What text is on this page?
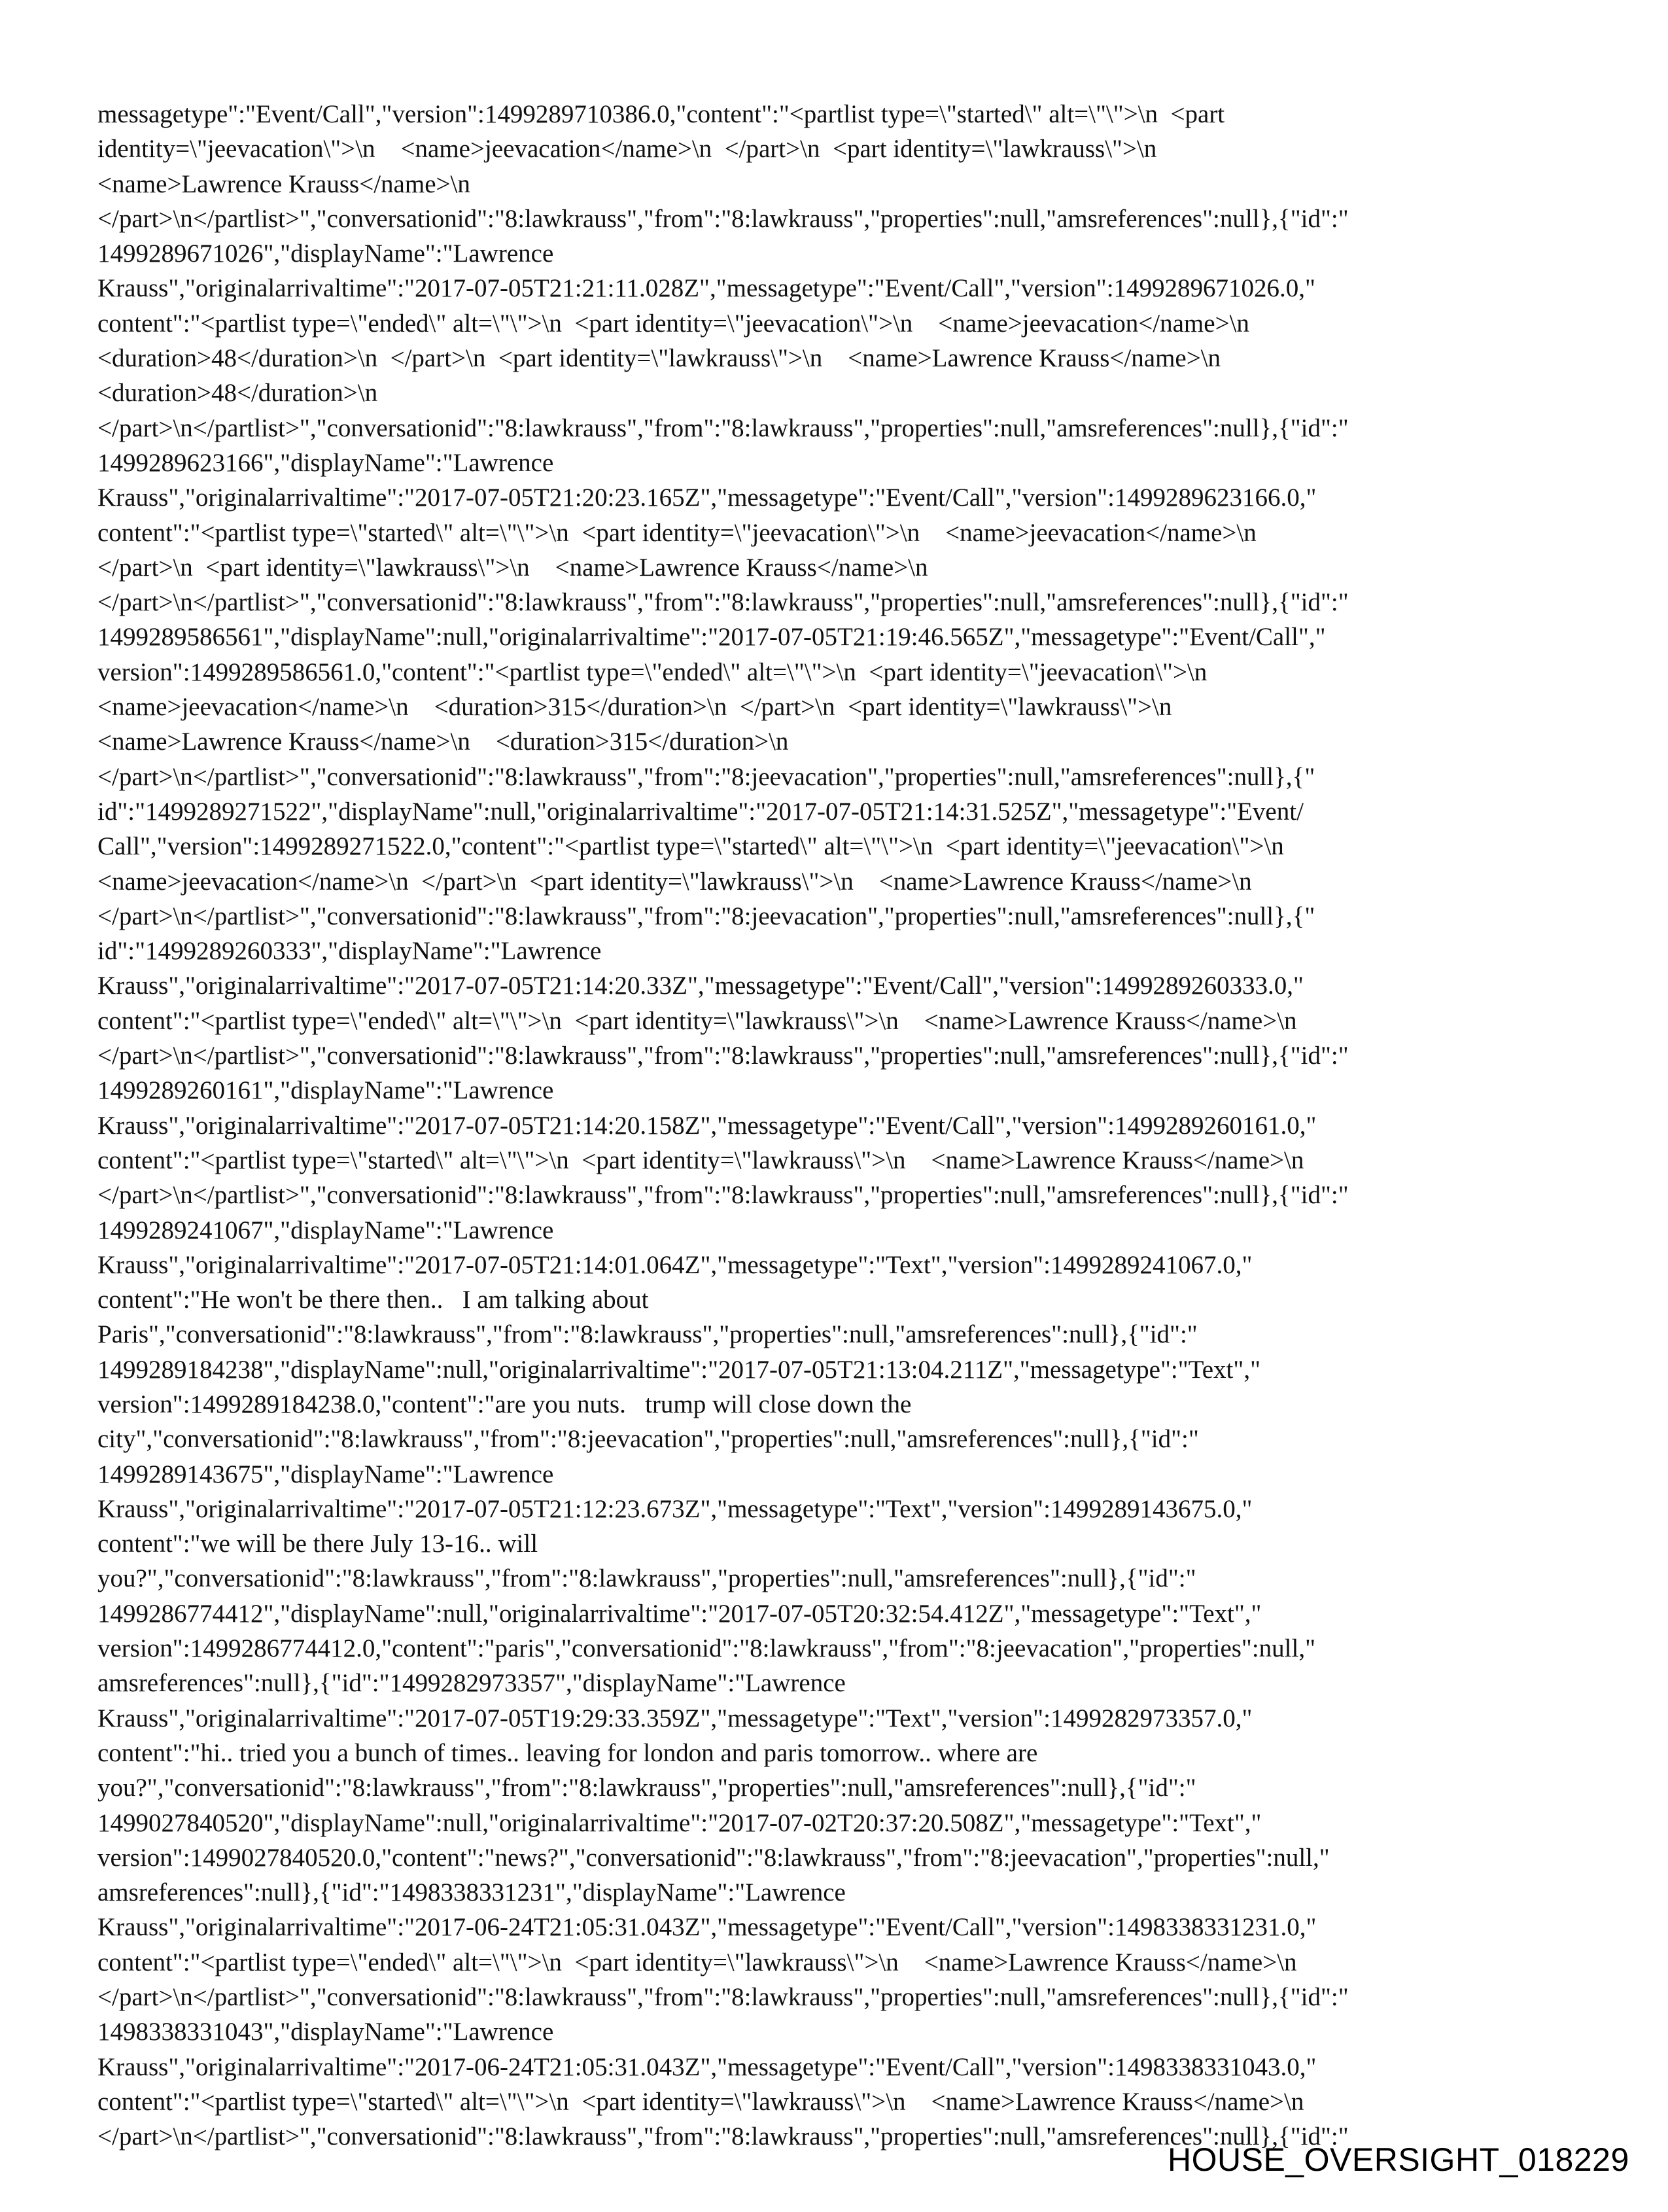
messagetype":"Event/Call","version":1499289710386.0,"content":"<partlist type=\"started\" alt=\"\">\n  <part
identity=\"jeevacation\">\n    <name>jeevacation</name>\n  </part>\n  <part identity=\"lawkrauss\">\n
<name>Lawrence Krauss</name>\n
</part>\n</partlist>","conversationid":"8:lawkrauss","from":"8:lawkrauss","properties":null,"amsreferences":null},{"id":"
1499289671026","displayName":"Lawrence
Krauss","originalarrivaltime":"2017-07-05T21:21:11.028Z","messagetype":"Event/Call","version":1499289671026.0,"
content":"<partlist type=\"ended\" alt=\"\">\n  <part identity=\"jeevacation\">\n    <name>jeevacation</name>\n
<duration>48</duration>\n  </part>\n  <part identity=\"lawkrauss\">\n    <name>Lawrence Krauss</name>\n
<duration>48</duration>\n
</part>\n</partlist>","conversationid":"8:lawkrauss","from":"8:lawkrauss","properties":null,"amsreferences":null},{"id":"
1499289623166","displayName":"Lawrence
Krauss","originalarrivaltime":"2017-07-05T21:20:23.165Z","messagetype":"Event/Call","version":1499289623166.0,"
content":"<partlist type=\"started\" alt=\"\">\n  <part identity=\"jeevacation\">\n    <name>jeevacation</name>\n
</part>\n  <part identity=\"lawkrauss\">\n    <name>Lawrence Krauss</name>\n
</part>\n</partlist>","conversationid":"8:lawkrauss","from":"8:lawkrauss","properties":null,"amsreferences":null},{"id":"
1499289586561","displayName":null,"originalarrivaltime":"2017-07-05T21:19:46.565Z","messagetype":"Event/Call","
version":1499289586561.0,"content":"<partlist type=\"ended\" alt=\"\">\n  <part identity=\"jeevacation\">\n
<name>jeevacation</name>\n    <duration>315</duration>\n  </part>\n  <part identity=\"lawkrauss\">\n
<name>Lawrence Krauss</name>\n    <duration>315</duration>\n
</part>\n</partlist>","conversationid":"8:lawkrauss","from":"8:jeevacation","properties":null,"amsreferences":null},{"
id":"1499289271522","displayName":null,"originalarrivaltime":"2017-07-05T21:14:31.525Z","messagetype":"Event/
Call","version":1499289271522.0,"content":"<partlist type=\"started\" alt=\"\">\n  <part identity=\"jeevacation\">\n
<name>jeevacation</name>\n  </part>\n  <part identity=\"lawkrauss\">\n    <name>Lawrence Krauss</name>\n
</part>\n</partlist>","conversationid":"8:lawkrauss","from":"8:jeevacation","properties":null,"amsreferences":null},{"
id":"1499289260333","displayName":"Lawrence
Krauss","originalarrivaltime":"2017-07-05T21:14:20.33Z","messagetype":"Event/Call","version":1499289260333.0,"
content":"<partlist type=\"ended\" alt=\"\">\n  <part identity=\"lawkrauss\">\n    <name>Lawrence Krauss</name>\n
</part>\n</partlist>","conversationid":"8:lawkrauss","from":"8:lawkrauss","properties":null,"amsreferences":null},{"id":"
1499289260161","displayName":"Lawrence
Krauss","originalarrivaltime":"2017-07-05T21:14:20.158Z","messagetype":"Event/Call","version":1499289260161.0,"
content":"<partlist type=\"started\" alt=\"\">\n  <part identity=\"lawkrauss\">\n    <name>Lawrence Krauss</name>\n
</part>\n</partlist>","conversationid":"8:lawkrauss","from":"8:lawkrauss","properties":null,"amsreferences":null},{"id":"
1499289241067","displayName":"Lawrence
Krauss","originalarrivaltime":"2017-07-05T21:14:01.064Z","messagetype":"Text","version":1499289241067.0,"
content":"He won't be there then..   I am talking about
Paris","conversationid":"8:lawkrauss","from":"8:lawkrauss","properties":null,"amsreferences":null},{"id":"
1499289184238","displayName":null,"originalarrivaltime":"2017-07-05T21:13:04.211Z","messagetype":"Text","
version":1499289184238.0,"content":"are you nuts.   trump will close down the
city","conversationid":"8:lawkrauss","from":"8:jeevacation","properties":null,"amsreferences":null},{"id":"
1499289143675","displayName":"Lawrence
Krauss","originalarrivaltime":"2017-07-05T21:12:23.673Z","messagetype":"Text","version":1499289143675.0,"
content":"we will be there July 13-16.. will
you?","conversationid":"8:lawkrauss","from":"8:lawkrauss","properties":null,"amsreferences":null},{"id":"
1499286774412","displayName":null,"originalarrivaltime":"2017-07-05T20:32:54.412Z","messagetype":"Text","
version":1499286774412.0,"content":"paris","conversationid":"8:lawkrauss","from":"8:jeevacation","properties":null,"
amsreferences":null},{"id":"1499282973357","displayName":"Lawrence
Krauss","originalarrivaltime":"2017-07-05T19:29:33.359Z","messagetype":"Text","version":1499282973357.0,"
content":"hi.. tried you a bunch of times.. leaving for london and paris tomorrow.. where are
you?","conversationid":"8:lawkrauss","from":"8:lawkrauss","properties":null,"amsreferences":null},{"id":"
1499027840520","displayName":null,"originalarrivaltime":"2017-07-02T20:37:20.508Z","messagetype":"Text","
version":1499027840520.0,"content":"news?","conversationid":"8:lawkrauss","from":"8:jeevacation","properties":null,"
amsreferences":null},{"id":"1498338331231","displayName":"Lawrence
Krauss","originalarrivaltime":"2017-06-24T21:05:31.043Z","messagetype":"Event/Call","version":1498338331231.0,"
content":"<partlist type=\"ended\" alt=\"\">\n  <part identity=\"lawkrauss\">\n    <name>Lawrence Krauss</name>\n
</part>\n</partlist>","conversationid":"8:lawkrauss","from":"8:lawkrauss","properties":null,"amsreferences":null},{"id":"
1498338331043","displayName":"Lawrence
Krauss","originalarrivaltime":"2017-06-24T21:05:31.043Z","messagetype":"Event/Call","version":1498338331043.0,"
content":"<partlist type=\"started\" alt=\"\">\n  <part identity=\"lawkrauss\">\n    <name>Lawrence Krauss</name>\n
</part>\n</partlist>","conversationid":"8:lawkrauss","from":"8:lawkrauss","properties":null,"amsreferences":null},{"id":"
HOUSE_OVERSIGHT_018229
